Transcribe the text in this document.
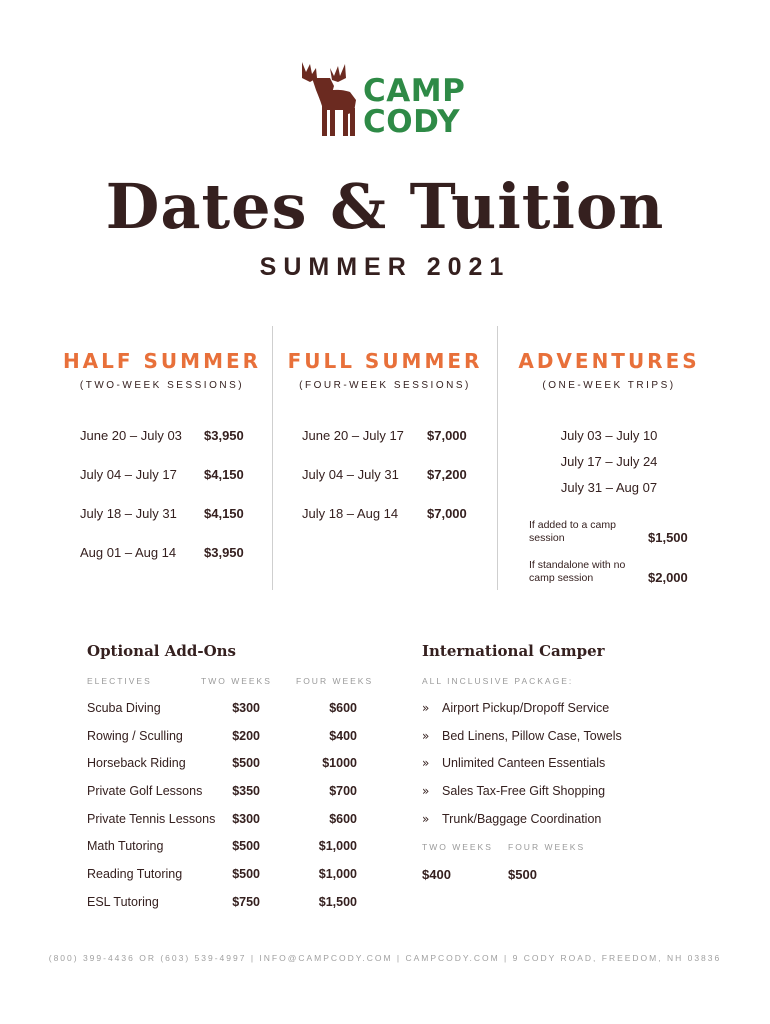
CAMP
CODY
Dates & Tuition
SUMMER 2021
HALF SUMMER
(TWO-WEEK SESSIONS)
June 20 – July 03 $3,950
July 04 – July 17 $4,150
July 18 – July 31 $4,150
Aug 01 – Aug 14 $3,950
FULL SUMMER
(FOUR-WEEK SESSIONS)
June 20 – July 17 $7,000
July 04 – July 31 $7,200
July 18 – Aug 14 $7,000
ADVENTURES
(ONE-WEEK TRIPS)
July 03 – July 10
July 17 – July 24
July 31 – Aug 07
If added to a camp session	$1,500
If standalone with no camp session	$2,000
Optional Add-Ons
ELECTIVES	TWO WEEKS	FOUR WEEKS
Scuba Diving	$300	$600
Rowing / Sculling	$200	$400
Horseback Riding	$500	$1000
Private Golf Lessons	$350	$700
Private Tennis Lessons	$300	$600
Math Tutoring	$500	$1,000
Reading Tutoring	$500	$1,000
ESL Tutoring	$750	$1,500
International Camper
ALL INCLUSIVE PACKAGE:
» Airport Pickup/Dropoff Service
» Bed Linens, Pillow Case, Towels
» Unlimited Canteen Essentials
» Sales Tax-Free Gift Shopping
» Trunk/Baggage Coordination
TWO WEEKS FOUR WEEKS
$400	$500
(800) 399-4436 OR (603) 539-4997 | INFO@CAMPCODY.COM | CAMPCODY.COM | 9 CODY ROAD, FREEDOM, NH 03836
